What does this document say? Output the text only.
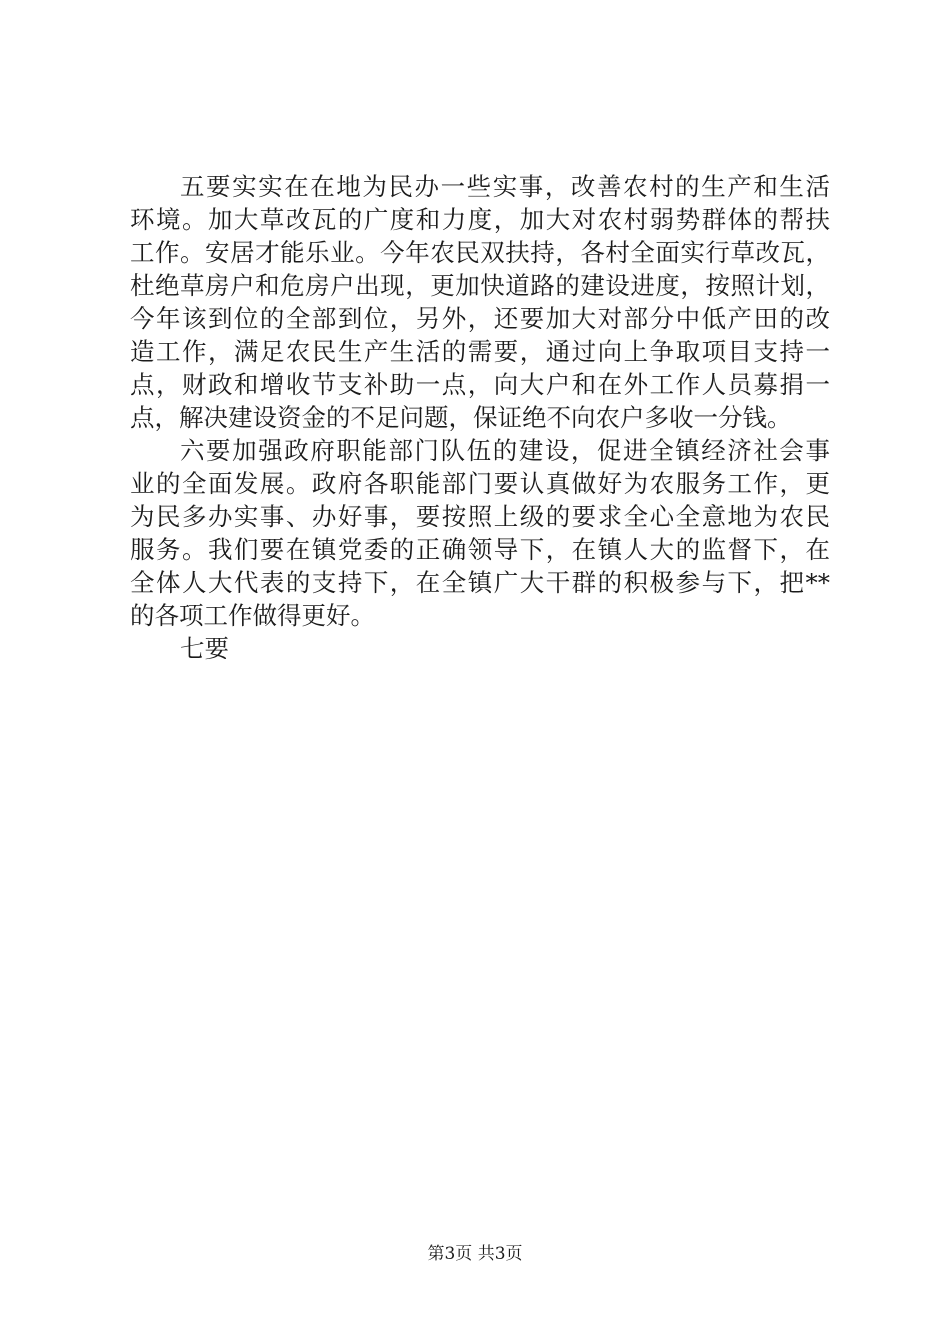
五要实实在在地为民办一些实事，改善农村的生产和生活
环境。加大草改瓦的广度和力度，加大对农村弱势群体的帮扶
工作。安居才能乐业。今年农民双扶持，各村全面实行草改瓦，
杜绝草房户和危房户出现，更加快道路的建设进度，按照计划，
今年该到位的全部到位，另外，还要加大对部分中低产田的改
造工作，满足农民生产生活的需要，通过向上争取项目支持一
点，财政和增收节支补助一点，向大户和在外工作人员募捐一
点，解决建设资金的不足问题，保证绝不向农户多收一分钱。
六要加强政府职能部门队伍的建设，促进全镇经济社会事
业的全面发展。政府各职能部门要认真做好为农服务工作，更
为民多办实事、办好事，要按照上级的要求全心全意地为农民
服务。我们要在镇党委的正确领导下，在镇人大的监督下，在
全体人大代表的支持下，在全镇广大干群的积极参与下，把**
的各项工作做得更好。
七要
第3页 共3页
